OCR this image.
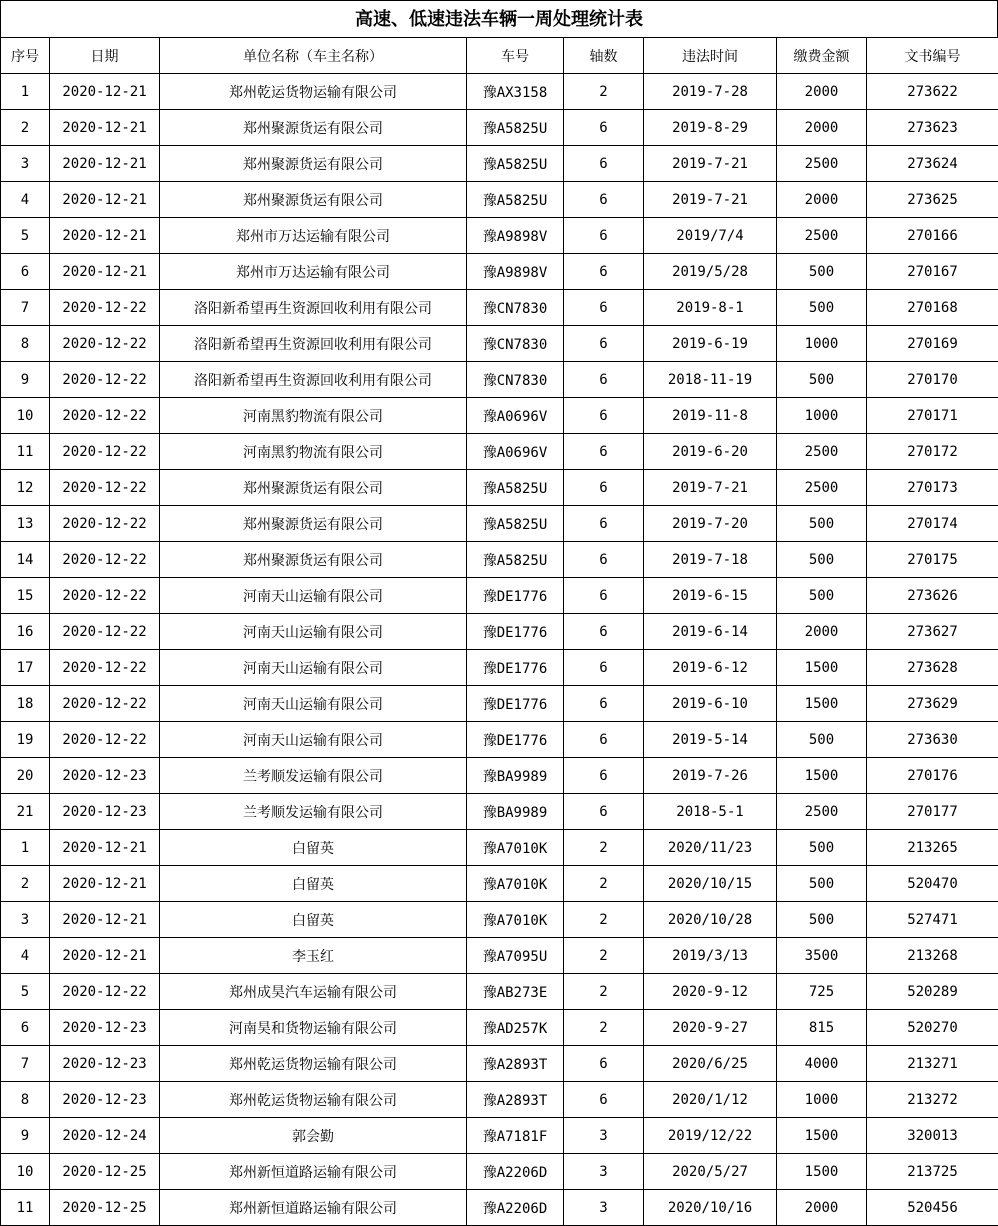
高速、低速违法车辆一周处理统计表
序号	日期	单位名称（车主名称）	车号	轴数	违法时间	缴费金额	文书编号
1	2020-12-21	郑州乾运货物运输有限公司	豫AX3158	2	2019-7-28	2000	273622
2	2020-12-21	郑州聚源货运有限公司	豫A5825U	6	2019-8-29	2000	273623
3	2020-12-21	郑州聚源货运有限公司	豫A5825U	6	2019-7-21	2500	273624
4	2020-12-21	郑州聚源货运有限公司	豫A5825U	6	2019-7-21	2000	273625
5	2020-12-21	郑州市万达运输有限公司	豫A9898V	6	2019/7/4	2500	270166
6	2020-12-21	郑州市万达运输有限公司	豫A9898V	6	2019/5/28	500	270167
7	2020-12-22	洛阳新希望再生资源回收利用有限公司	豫CN7830	6	2019-8-1	500	270168
8	2020-12-22	洛阳新希望再生资源回收利用有限公司	豫CN7830	6	2019-6-19	1000	270169
9	2020-12-22	洛阳新希望再生资源回收利用有限公司	豫CN7830	6	2018-11-19	500	270170
10	2020-12-22	河南黑豹物流有限公司	豫A0696V	6	2019-11-8	1000	270171
11	2020-12-22	河南黑豹物流有限公司	豫A0696V	6	2019-6-20	2500	270172
12	2020-12-22	郑州聚源货运有限公司	豫A5825U	6	2019-7-21	2500	270173
13	2020-12-22	郑州聚源货运有限公司	豫A5825U	6	2019-7-20	500	270174
14	2020-12-22	郑州聚源货运有限公司	豫A5825U	6	2019-7-18	500	270175
15	2020-12-22	河南天山运输有限公司	豫DE1776	6	2019-6-15	500	273626
16	2020-12-22	河南天山运输有限公司	豫DE1776	6	2019-6-14	2000	273627
17	2020-12-22	河南天山运输有限公司	豫DE1776	6	2019-6-12	1500	273628
18	2020-12-22	河南天山运输有限公司	豫DE1776	6	2019-6-10	1500	273629
19	2020-12-22	河南天山运输有限公司	豫DE1776	6	2019-5-14	500	273630
20	2020-12-23	兰考顺发运输有限公司	豫BA9989	6	2019-7-26	1500	270176
21	2020-12-23	兰考顺发运输有限公司	豫BA9989	6	2018-5-1	2500	270177
1	2020-12-21	白留英	豫A7010K	2	2020/11/23	500	213265
2	2020-12-21	白留英	豫A7010K	2	2020/10/15	500	520470
3	2020-12-21	白留英	豫A7010K	2	2020/10/28	500	527471
4	2020-12-21	李玉红	豫A7095U	2	2019/3/13	3500	213268
5	2020-12-22	郑州成昊汽车运输有限公司	豫AB273E	2	2020-9-12	725	520289
6	2020-12-23	河南昊和货物运输有限公司	豫AD257K	2	2020-9-27	815	520270
7	2020-12-23	郑州乾运货物运输有限公司	豫A2893T	6	2020/6/25	4000	213271
8	2020-12-23	郑州乾运货物运输有限公司	豫A2893T	6	2020/1/12	1000	213272
9	2020-12-24	郭会勤	豫A7181F	3	2019/12/22	1500	320013
10	2020-12-25	郑州新恒道路运输有限公司	豫A2206D	3	2020/5/27	1500	213725
11	2020-12-25	郑州新恒道路运输有限公司	豫A2206D	3	2020/10/16	2000	520456
